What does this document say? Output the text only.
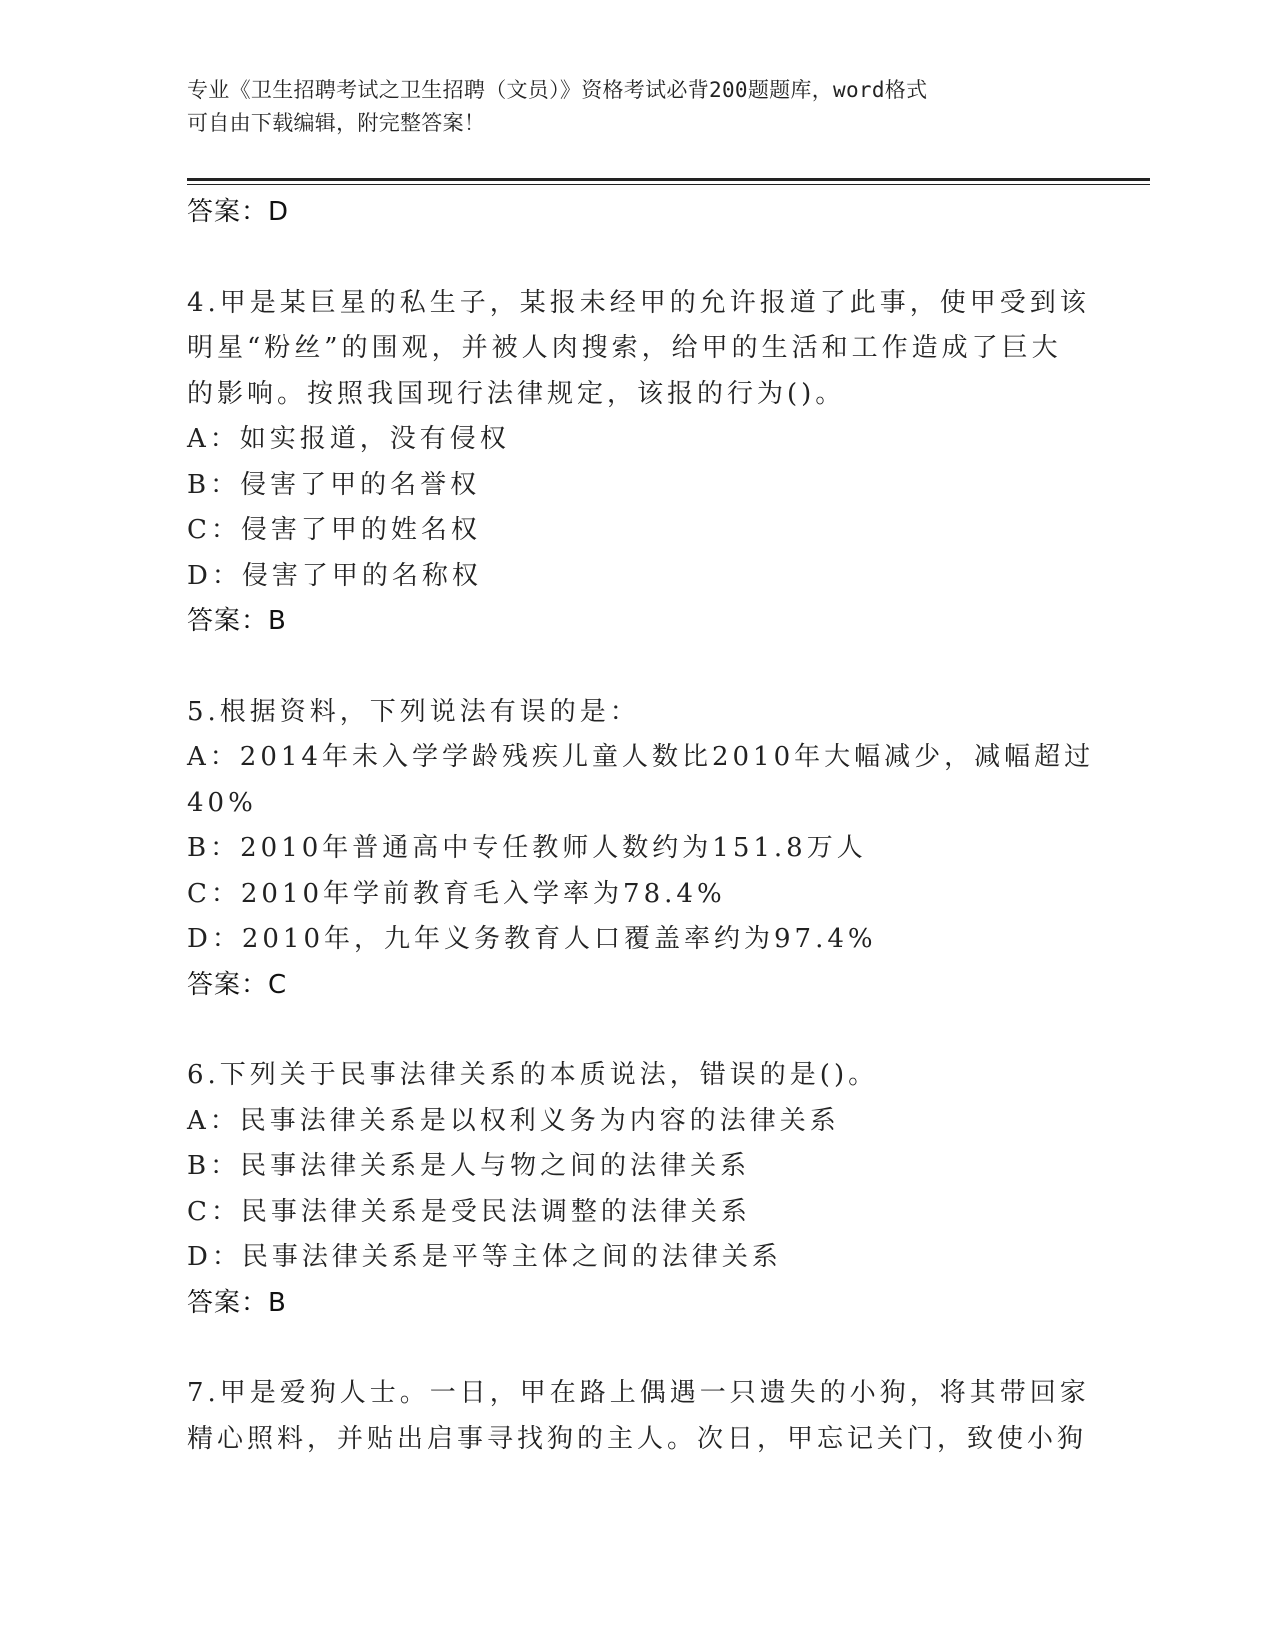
专业《卫生招聘考试之卫生招聘（文员）》资格考试必背200题题库，word格式
可自由下载编辑，附完整答案！
答案：D
4.甲是某巨星的私生子，某报未经甲的允许报道了此事，使甲受到该
明星“粉丝”的围观，并被人肉搜索，给甲的生活和工作造成了巨大
的影响。按照我国现行法律规定，该报的行为()。
A：如实报道，没有侵权
B：侵害了甲的名誉权
C：侵害了甲的姓名权
D：侵害了甲的名称权
答案：B
5.根据资料，下列说法有误的是：
A：2014年未入学学龄残疾儿童人数比2010年大幅减少，减幅超过
40%
B：2010年普通高中专任教师人数约为151.8万人
C：2010年学前教育毛入学率为78.4%
D：2010年，九年义务教育人口覆盖率约为97.4%
答案：C
6.下列关于民事法律关系的本质说法，错误的是()。
A：民事法律关系是以权利义务为内容的法律关系
B：民事法律关系是人与物之间的法律关系
C：民事法律关系是受民法调整的法律关系
D：民事法律关系是平等主体之间的法律关系
答案：B
7.甲是爱狗人士。一日，甲在路上偶遇一只遗失的小狗，将其带回家
精心照料，并贴出启事寻找狗的主人。次日，甲忘记关门，致使小狗
